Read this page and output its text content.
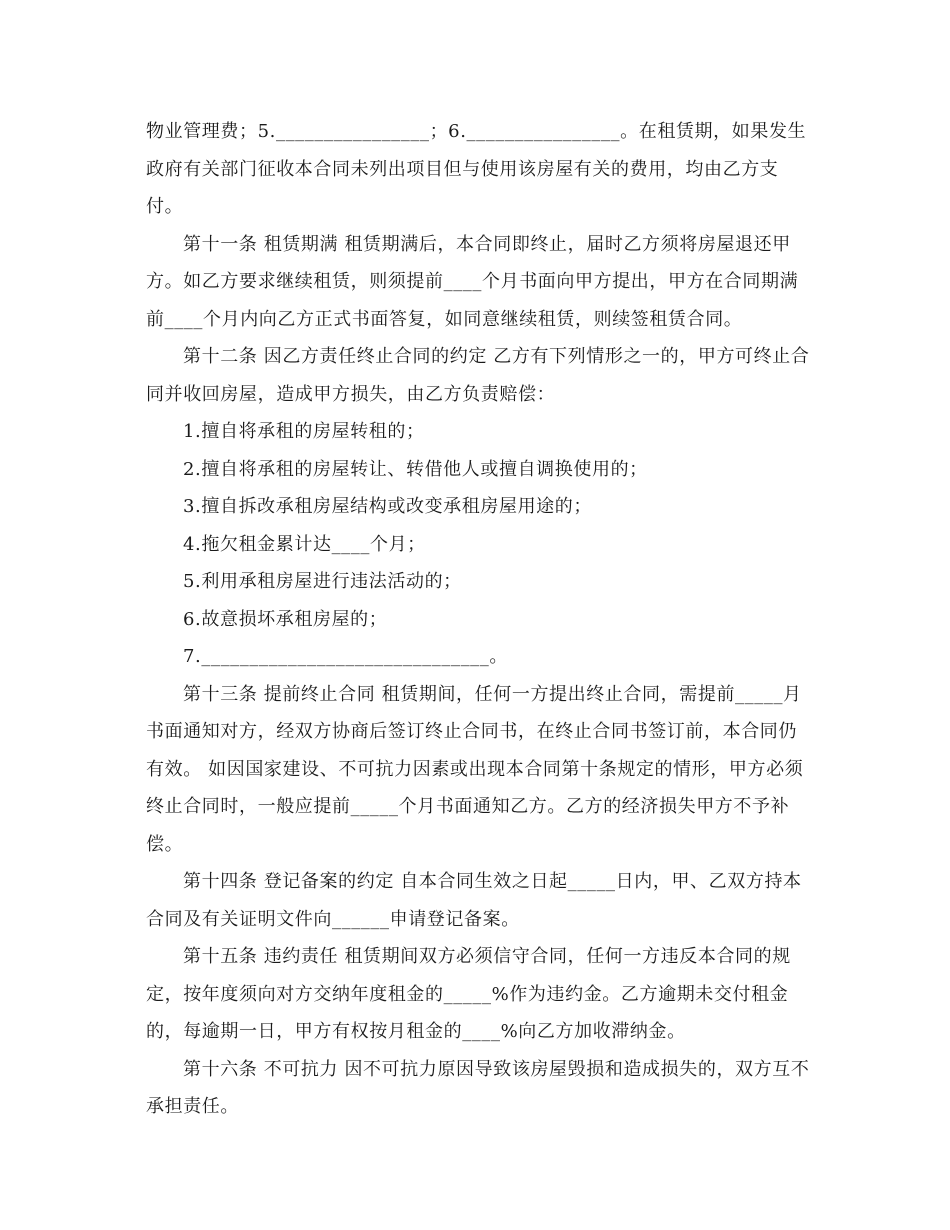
物业管理费；5.________________；6.________________。在租赁期，如果发生
政府有关部门征收本合同未列出项目但与使用该房屋有关的费用，均由乙方支
付。
第十一条 租赁期满 租赁期满后，本合同即终止，届时乙方须将房屋退还甲
方。如乙方要求继续租赁，则须提前____个月书面向甲方提出，甲方在合同期满
前____个月内向乙方正式书面答复，如同意继续租赁，则续签租赁合同。
第十二条 因乙方责任终止合同的约定 乙方有下列情形之一的，甲方可终止合
同并收回房屋，造成甲方损失，由乙方负责赔偿：
1.擅自将承租的房屋转租的；
2.擅自将承租的房屋转让、转借他人或擅自调换使用的；
3.擅自拆改承租房屋结构或改变承租房屋用途的；
4.拖欠租金累计达____个月；
5.利用承租房屋进行违法活动的；
6.故意损坏承租房屋的；
7.______________________________。
第十三条 提前终止合同 租赁期间，任何一方提出终止合同，需提前_____月
书面通知对方，经双方协商后签订终止合同书，在终止合同书签订前，本合同仍
有效。 如因国家建设、不可抗力因素或出现本合同第十条规定的情形，甲方必须
终止合同时，一般应提前_____个月书面通知乙方。乙方的经济损失甲方不予补
偿。
第十四条 登记备案的约定 自本合同生效之日起_____日内，甲、乙双方持本
合同及有关证明文件向______申请登记备案。
第十五条 违约责任 租赁期间双方必须信守合同，任何一方违反本合同的规
定，按年度须向对方交纳年度租金的_____%作为违约金。乙方逾期未交付租金
的，每逾期一日，甲方有权按月租金的____%向乙方加收滞纳金。
第十六条 不可抗力 因不可抗力原因导致该房屋毁损和造成损失的，双方互不
承担责任。
